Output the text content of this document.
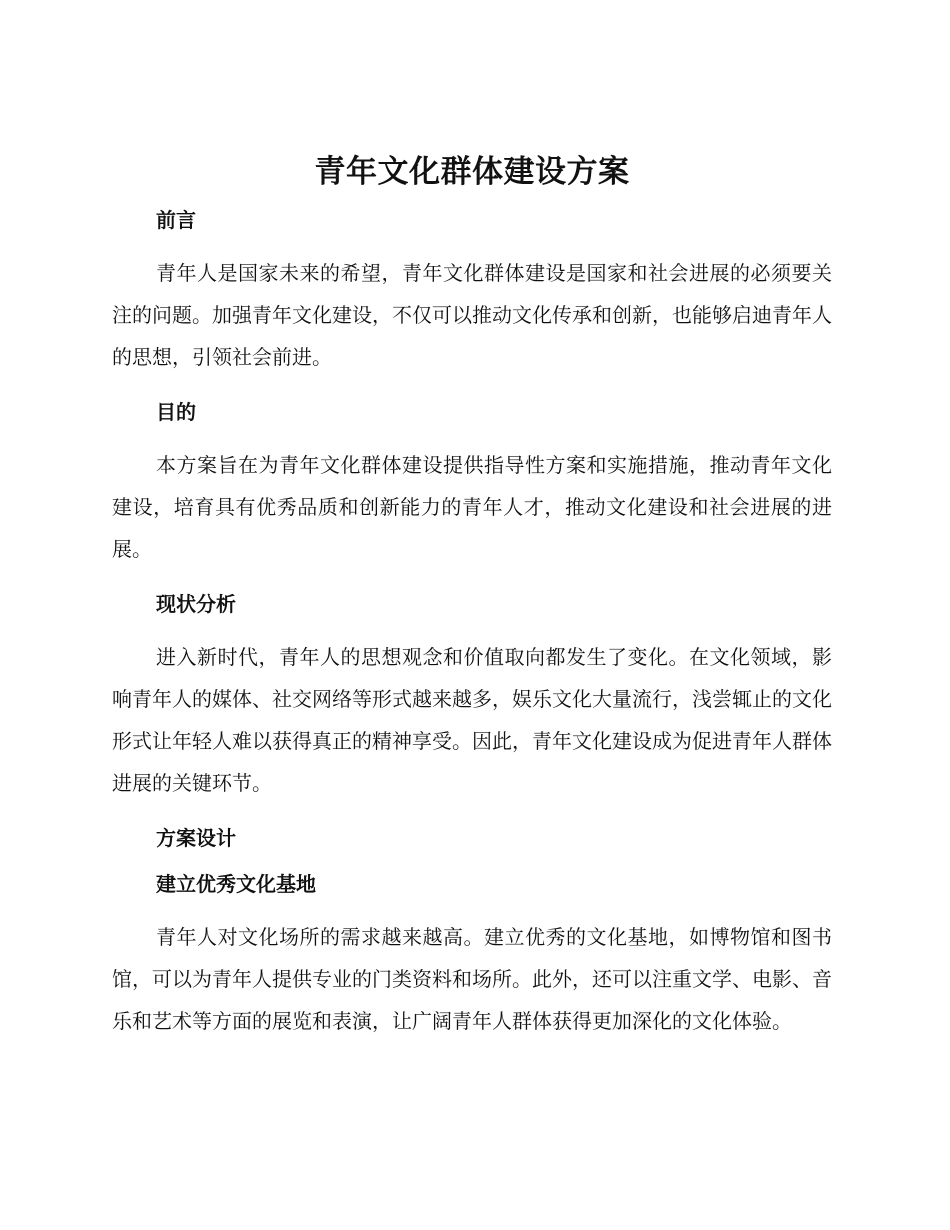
青年文化群体建设方案
前言

青年人是国家未来的希望，青年文化群体建设是国家和社会进展的必须要关注的问题。加强青年文化建设，不仅可以推动文化传承和创新，也能够启迪青年人的思想，引领社会前进。

目的

本方案旨在为青年文化群体建设提供指导性方案和实施措施，推动青年文化建设，培育具有优秀品质和创新能力的青年人才，推动文化建设和社会进展的进展。

现状分析

进入新时代，青年人的思想观念和价值取向都发生了变化。在文化领域，影响青年人的媒体、社交网络等形式越来越多，娱乐文化大量流行，浅尝辄止的文化形式让年轻人难以获得真正的精神享受。因此，青年文化建设成为促进青年人群体进展的关键环节。

方案设计
建立优秀文化基地

青年人对文化场所的需求越来越高。建立优秀的文化基地，如博物馆和图书馆，可以为青年人提供专业的门类资料和场所。此外，还可以注重文学、电影、音乐和艺术等方面的展览和表演，让广阔青年人群体获得更加深化的文化体验。
